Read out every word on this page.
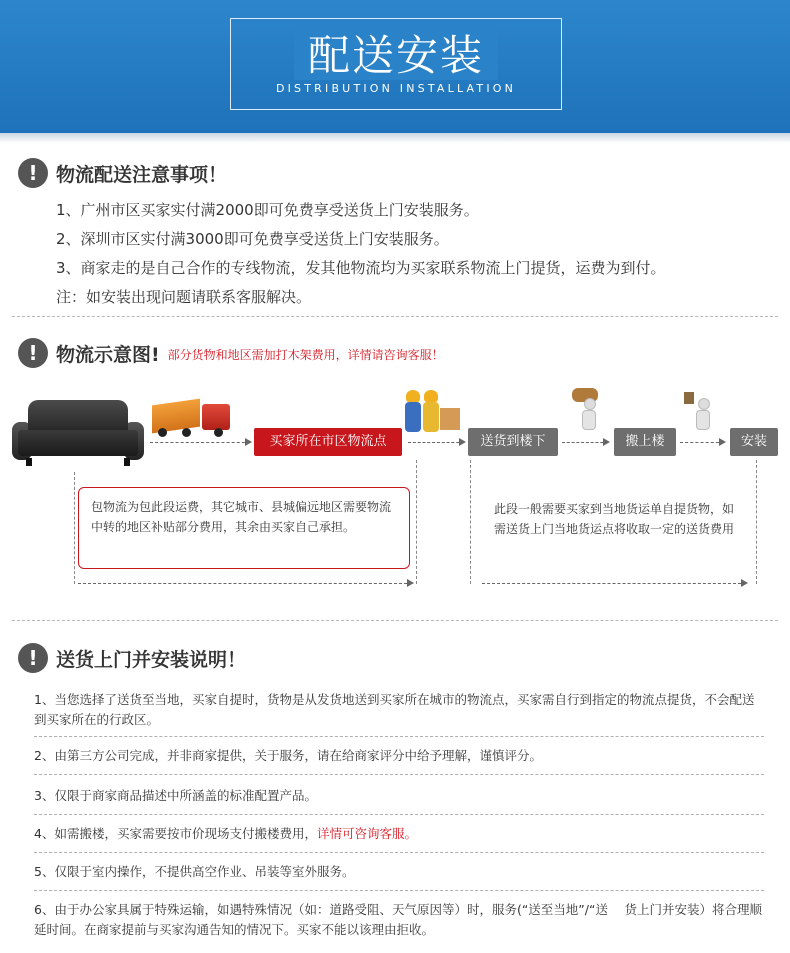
配送安装
DISTRIBUTION INSTALLATION
! 物流配送注意事项！
1、广州市区买家实付满2000即可免费享受送货上门安装服务。
2、深圳市区实付满3000即可免费享受送货上门安装服务。
3、商家走的是自己合作的专线物流，发其他物流均为买家联系物流上门提货，运费为到付。
注：如安装出现问题请联系客服解决。
! 物流示意图! 部分货物和地区需加打木架费用，详情请咨询客服！
买家所在市区物流点	送货到楼下	搬上楼	安装
包物流为包此段运费，其它城市、县城偏远地区需要物流中转的地区补贴部分费用，其余由买家自己承担。
此段一般需要买家到当地货运单自提货物，如需送货上门当地货运点将收取一定的送货费用
! 送货上门并安装说明！
1、当您选择了送货至当地，买家自提时，货物是从发货地送到买家所在城市的物流点，买家需自行到指定的物流点提货，不会配送到买家所在的行政区。
2、由第三方公司完成，并非商家提供，关于服务，请在给商家评分中给予理解，谨慎评分。
3、仅限于商家商品描述中所涵盖的标准配置产品。
4、如需搬楼，买家需要按市价现场支付搬楼费用，详情可咨询客服。
5、仅限于室内操作，不提供高空作业、吊装等室外服务。
6、由于办公家具属于特殊运输，如遇特殊情况（如：道路受阻、天气原因等）时，服务(“送至当地”/“送　 货上门并安装）将合理顺延时间。在商家提前与买家沟通告知的情况下。买家不能以该理由拒收。
